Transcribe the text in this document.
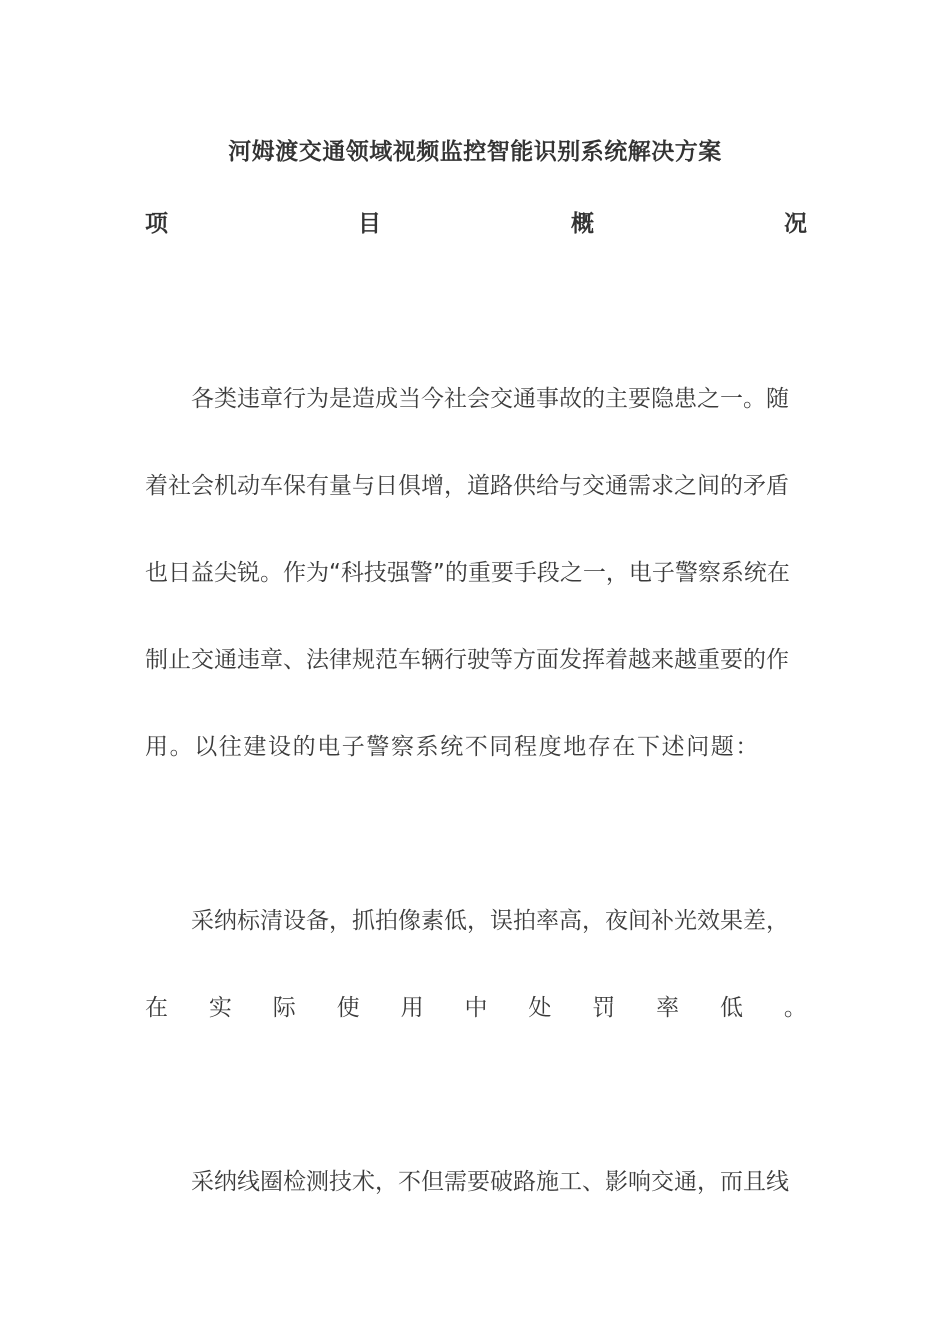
河姆渡交通领域视频监控智能识别系统解决方案
项	目	概	况
各类违章行为是造成当今社会交通事故的主要隐患之一。随
着社会机动车保有量与日俱增，道路供给与交通需求之间的矛盾
也日益尖锐。作为“科技强警”的重要手段之一，电子警察系统在
制止交通违章、法律规范车辆行驶等方面发挥着越来越重要的作
用。以往建设的电子警察系统不同程度地存在下述问题：
采纳标清设备，抓拍像素低，误拍率高，夜间补光效果差，
在 实 际 使 用 中 处 罚 率 低 。
采纳线圈检测技术，不但需要破路施工、影响交通，而且线
